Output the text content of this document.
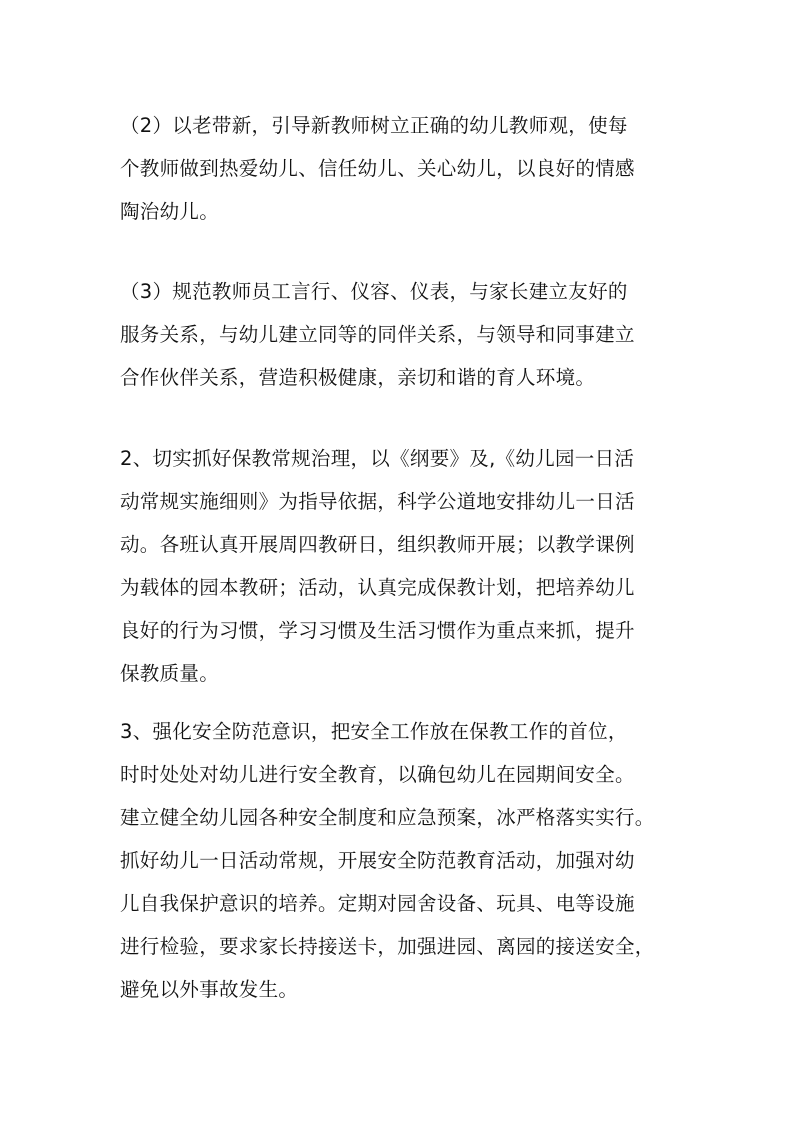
（2）以老带新，引导新教师树立正确的幼儿教师观，使每
个教师做到热爱幼儿、信任幼儿、关心幼儿，以良好的情感
陶治幼儿。
（3）规范教师员工言行、仪容、仪表，与家长建立友好的
服务关系，与幼儿建立同等的同伴关系，与领导和同事建立
合作伙伴关系，营造积极健康，亲切和谐的育人环境。
2、切实抓好保教常规治理，以《纲要》及,《幼儿园一日活
动常规实施细则》为指导依据，科学公道地安排幼儿一日活
动。各班认真开展周四教研日，组织教师开展；以教学课例
为载体的园本教研；活动，认真完成保教计划，把培养幼儿
良好的行为习惯，学习习惯及生活习惯作为重点来抓，提升
保教质量。
3、强化安全防范意识，把安全工作放在保教工作的首位，
时时处处对幼儿进行安全教育，以确包幼儿在园期间安全。
建立健全幼儿园各种安全制度和应急预案，冰严格落实实行。
抓好幼儿一日活动常规，开展安全防范教育活动，加强对幼
儿自我保护意识的培养。定期对园舍设备、玩具、电等设施
进行检验，要求家长持接送卡，加强进园、离园的接送安全，
避免以外事故发生。
